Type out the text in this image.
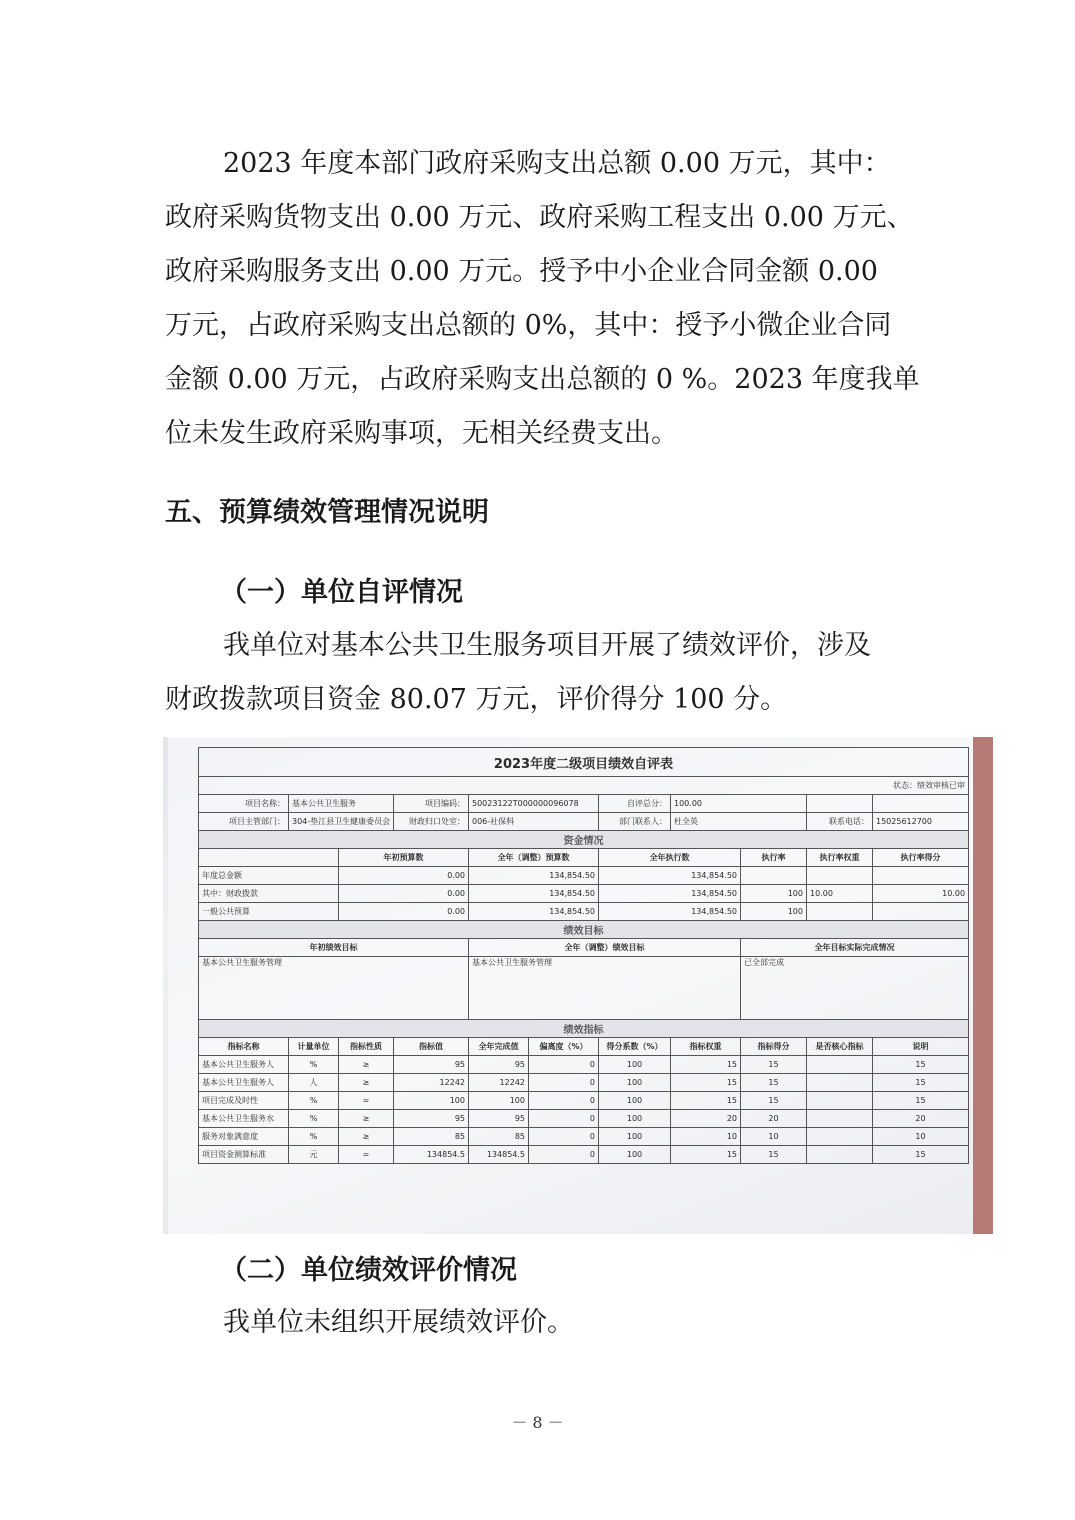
2023 年度本部门政府采购支出总额 0.00 万元，其中：
政府采购货物支出 0.00 万元、政府采购工程支出 0.00 万元、
政府采购服务支出 0.00 万元。授予中小企业合同金额 0.00
万元，占政府采购支出总额的 0%，其中：授予小微企业合同
金额 0.00 万元，占政府采购支出总额的 0 %。2023 年度我单
位未发生政府采购事项，无相关经费支出。
五、预算绩效管理情况说明
（一）单位自评情况
我单位对基本公共卫生服务项目开展了绩效评价，涉及
财政拨款项目资金 80.07 万元，评价得分 100 分。
2023年度二级项目绩效自评表										
状态：绩效审核已审										
项目名称：	基本公共卫生服务		项目编码：	50023122T000000096078		自评总分：	100.00			
项目主管部门：	304-垫江县卫生健康委员会		财政归口处室：	006-社保科		部门联系人：	杜全英		联系电话：	15025612700
资金情况										
		年初预算数		全年（调整）预算数		全年执行数		执行率	执行率权重	执行率得分
年度总金额		0.00		134,854.50		134,854.50				
其中：财政拨款		0.00		134,854.50		134,854.50		100	10.00	10.00
一般公共预算		0.00		134,854.50		134,854.50		100		
绩效目标										
年初绩效目标				全年（调整）绩效目标				全年目标实际完成情况		
基本公共卫生服务管理				基本公共卫生服务管理				已全部完成		
绩效指标										
指标名称	计量单位	指标性质	指标值	全年完成值	偏离度（%）	得分系数（%）	指标权重	指标得分	是否核心指标	说明
基本公共卫生服务人	%	≥	95	95	0	100	15	15		15
基本公共卫生服务人	人	≥	12242	12242	0	100	15	15		15
项目完成及时性	%	=	100	100	0	100	15	15		15
基本公共卫生服务水	%	≥	95	95	0	100	20	20		20
服务对象满意度	%	≥	85	85	0	100	10	10		10
项目资金测算标准	元	=	134854.5	134854.5	0	100	15	15		15
（二）单位绩效评价情况
我单位未组织开展绩效评价。
－ 8 －
